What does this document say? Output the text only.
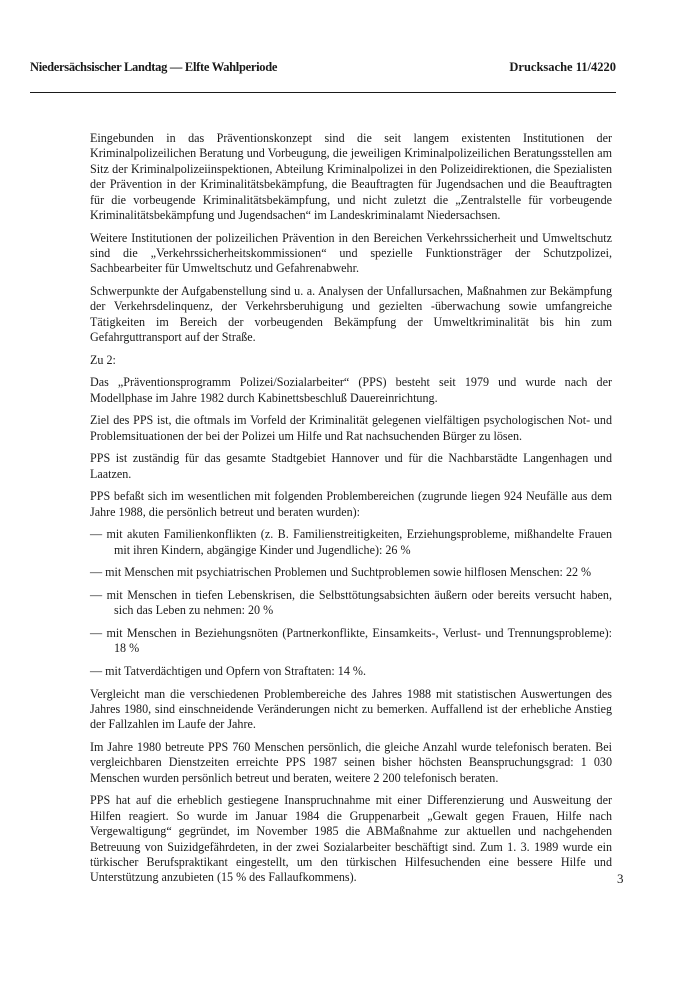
Niedersächsischer Landtag — Elfte Wahlperiode	Drucksache 11/4220

Eingebunden in das Präventionskonzept sind die seit langem existenten Institutionen der Kriminalpolizeilichen Beratung und Vorbeugung, die jeweiligen Kriminalpolizeilichen Beratungsstellen am Sitz der Kriminalpolizeiinspektionen, Abteilung Kriminalpolizei in den Polizeidirektionen, die Spezialisten der Prävention in der Kriminalitätsbekämpfung, die Beauftragten für Jugendsachen und die Beauftragten für die vorbeugende Kriminalitätsbekämpfung, und nicht zuletzt die „Zentralstelle für vorbeugende Kriminalitätsbekämpfung und Jugendsachen“ im Landeskriminalamt Niedersachsen.

Weitere Institutionen der polizeilichen Prävention in den Bereichen Verkehrssicherheit und Umweltschutz sind die „Verkehrssicherheitskommissionen“ und spezielle Funktionsträger der Schutzpolizei, Sachbearbeiter für Umweltschutz und Gefahrenabwehr.

Schwerpunkte der Aufgabenstellung sind u. a. Analysen der Unfallursachen, Maßnahmen zur Bekämpfung der Verkehrsdelinquenz, der Verkehrsberuhigung und gezielten -überwachung sowie umfangreiche Tätigkeiten im Bereich der vorbeugenden Bekämpfung der Umweltkriminalität bis hin zum Gefahrguttransport auf der Straße.

Zu 2:

Das „Präventionsprogramm Polizei/Sozialarbeiter“ (PPS) besteht seit 1979 und wurde nach der Modellphase im Jahre 1982 durch Kabinettsbeschluß Dauereinrichtung.

Ziel des PPS ist, die oftmals im Vorfeld der Kriminalität gelegenen vielfältigen psychologischen Not- und Problemsituationen der bei der Polizei um Hilfe und Rat nachsuchenden Bürger zu lösen.

PPS ist zuständig für das gesamte Stadtgebiet Hannover und für die Nachbarstädte Langenhagen und Laatzen.

PPS befaßt sich im wesentlichen mit folgenden Problembereichen (zugrunde liegen 924 Neufälle aus dem Jahre 1988, die persönlich betreut und beraten wurden):

— mit akuten Familienkonflikten (z. B. Familienstreitigkeiten, Erziehungsprobleme, mißhandelte Frauen mit ihren Kindern, abgängige Kinder und Jugendliche): 26 %

— mit Menschen mit psychiatrischen Problemen und Suchtproblemen sowie hilflosen Menschen: 22 %

— mit Menschen in tiefen Lebenskrisen, die Selbsttötungsabsichten äußern oder bereits versucht haben, sich das Leben zu nehmen: 20 %

— mit Menschen in Beziehungsnöten (Partnerkonflikte, Einsamkeits-, Verlust- und Trennungsprobleme): 18 %

— mit Tatverdächtigen und Opfern von Straftaten: 14 %.

Vergleicht man die verschiedenen Problembereiche des Jahres 1988 mit statistischen Auswertungen des Jahres 1980, sind einschneidende Veränderungen nicht zu bemerken. Auffallend ist der erhebliche Anstieg der Fallzahlen im Laufe der Jahre.

Im Jahre 1980 betreute PPS 760 Menschen persönlich, die gleiche Anzahl wurde telefonisch beraten. Bei vergleichbaren Dienstzeiten erreichte PPS 1987 seinen bisher höchsten Beanspruchungsgrad: 1 030 Menschen wurden persönlich betreut und beraten, weitere 2 200 telefonisch beraten.

PPS hat auf die erheblich gestiegene Inanspruchnahme mit einer Differenzierung und Ausweitung der Hilfen reagiert. So wurde im Januar 1984 die Gruppenarbeit „Gewalt gegen Frauen, Hilfe nach Vergewaltigung“ gegründet, im November 1985 die ABMaßnahme zur aktuellen und nachgehenden Betreuung von Suizidgefährdeten, in der zwei Sozialarbeiter beschäftigt sind. Zum 1. 3. 1989 wurde ein türkischer Berufspraktikant eingestellt, um den türkischen Hilfesuchenden eine bessere Hilfe und Unterstützung anzubieten (15 % des Fallaufkommens).	3
